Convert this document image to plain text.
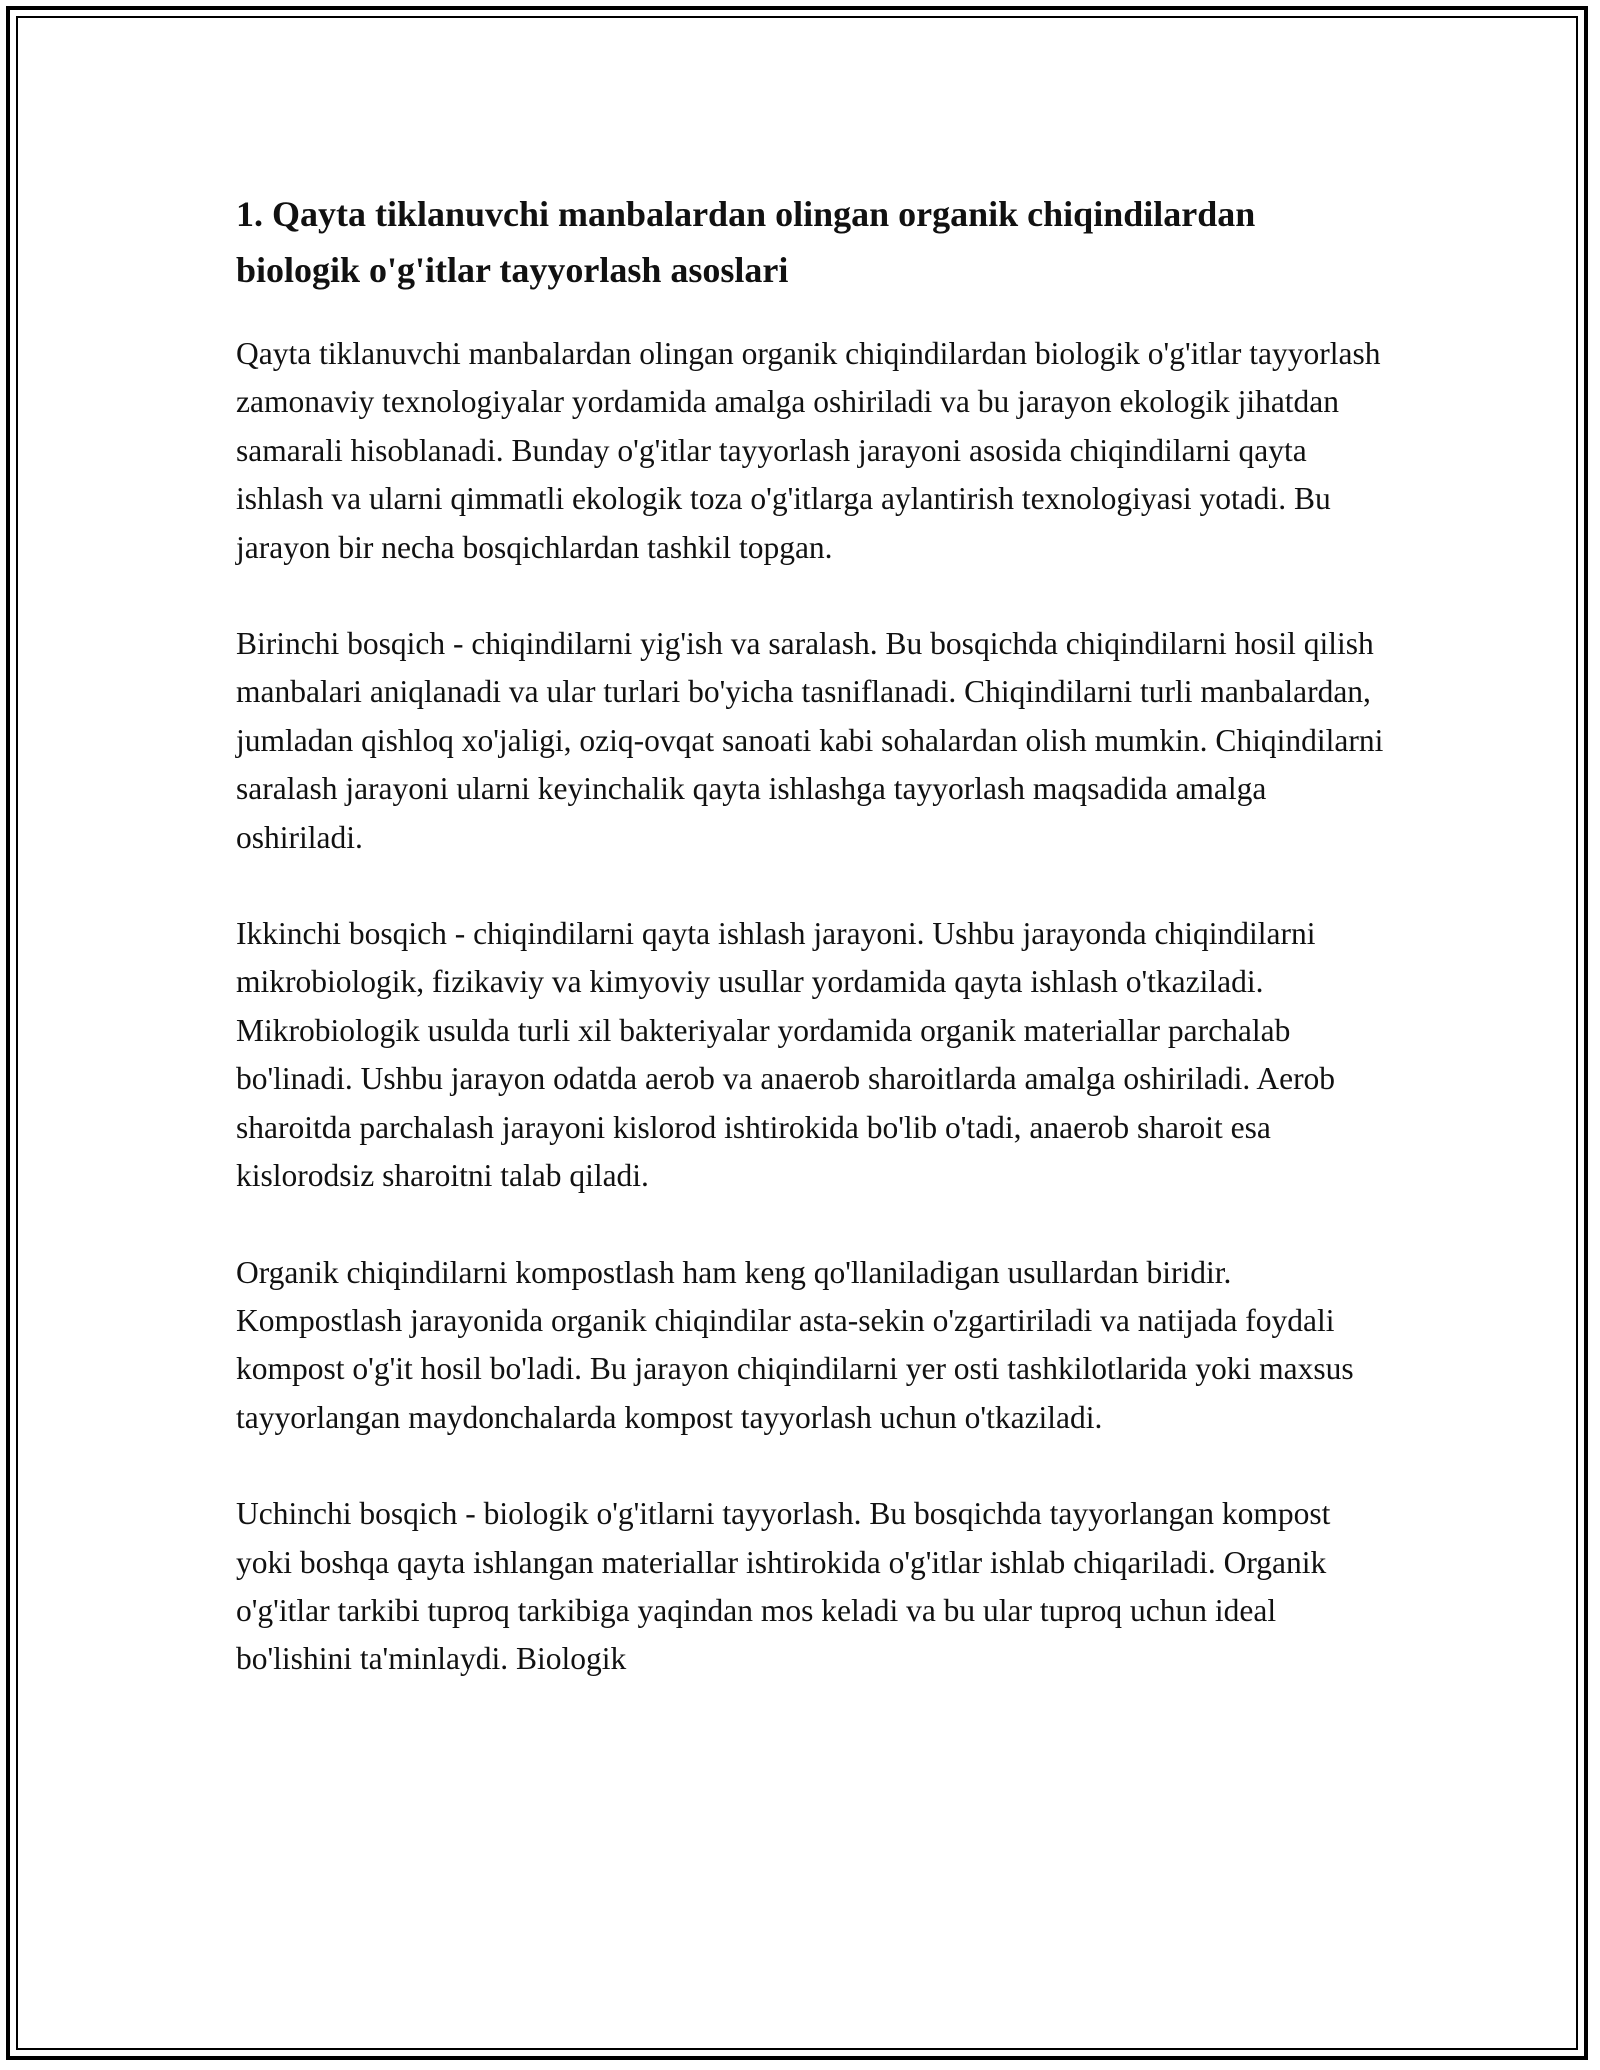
1. Qayta tiklanuvchi manbalardan olingan organik chiqindilardan biologik o'g'itlar tayyorlash asoslari

Qayta tiklanuvchi manbalardan olingan organik chiqindilardan biologik o'g'itlar tayyorlash zamonaviy texnologiyalar yordamida amalga oshiriladi va bu jarayon ekologik jihatdan samarali hisoblanadi. Bunday o'g'itlar tayyorlash jarayoni asosida chiqindilarni qayta ishlash va ularni qimmatli ekologik toza o'g'itlarga aylantirish texnologiyasi yotadi. Bu jarayon bir necha bosqichlardan tashkil topgan.

Birinchi bosqich - chiqindilarni yig'ish va saralash. Bu bosqichda chiqindilarni hosil qilish manbalari aniqlanadi va ular turlari bo'yicha tasniflanadi. Chiqindilarni turli manbalardan, jumladan qishloq xo'jaligi, oziq-ovqat sanoati kabi sohalardan olish mumkin. Chiqindilarni saralash jarayoni ularni keyinchalik qayta ishlashga tayyorlash maqsadida amalga oshiriladi.

Ikkinchi bosqich - chiqindilarni qayta ishlash jarayoni. Ushbu jarayonda chiqindilarni mikrobiologik, fizikaviy va kimyoviy usullar yordamida qayta ishlash o'tkaziladi. Mikrobiologik usulda turli xil bakteriyalar yordamida organik materiallar parchalab bo'linadi. Ushbu jarayon odatda aerob va anaerob sharoitlarda amalga oshiriladi. Aerob sharoitda parchalash jarayoni kislorod ishtirokida bo'lib o'tadi, anaerob sharoit esa kislorodsiz sharoitni talab qiladi.

Organik chiqindilarni kompostlash ham keng qo'llaniladigan usullardan biridir. Kompostlash jarayonida organik chiqindilar asta-sekin o'zgartiriladi va natijada foydali kompost o'g'it hosil bo'ladi. Bu jarayon chiqindilarni yer osti tashkilotlarida yoki maxsus tayyorlangan maydonchalarda kompost tayyorlash uchun o'tkaziladi.

Uchinchi bosqich - biologik o'g'itlarni tayyorlash. Bu bosqichda tayyorlangan kompost yoki boshqa qayta ishlangan materiallar ishtirokida o'g'itlar ishlab chiqariladi. Organik o'g'itlar tarkibi tuproq tarkibiga yaqindan mos keladi va bu ular tuproq uchun ideal bo'lishini ta'minlaydi. Biologik
